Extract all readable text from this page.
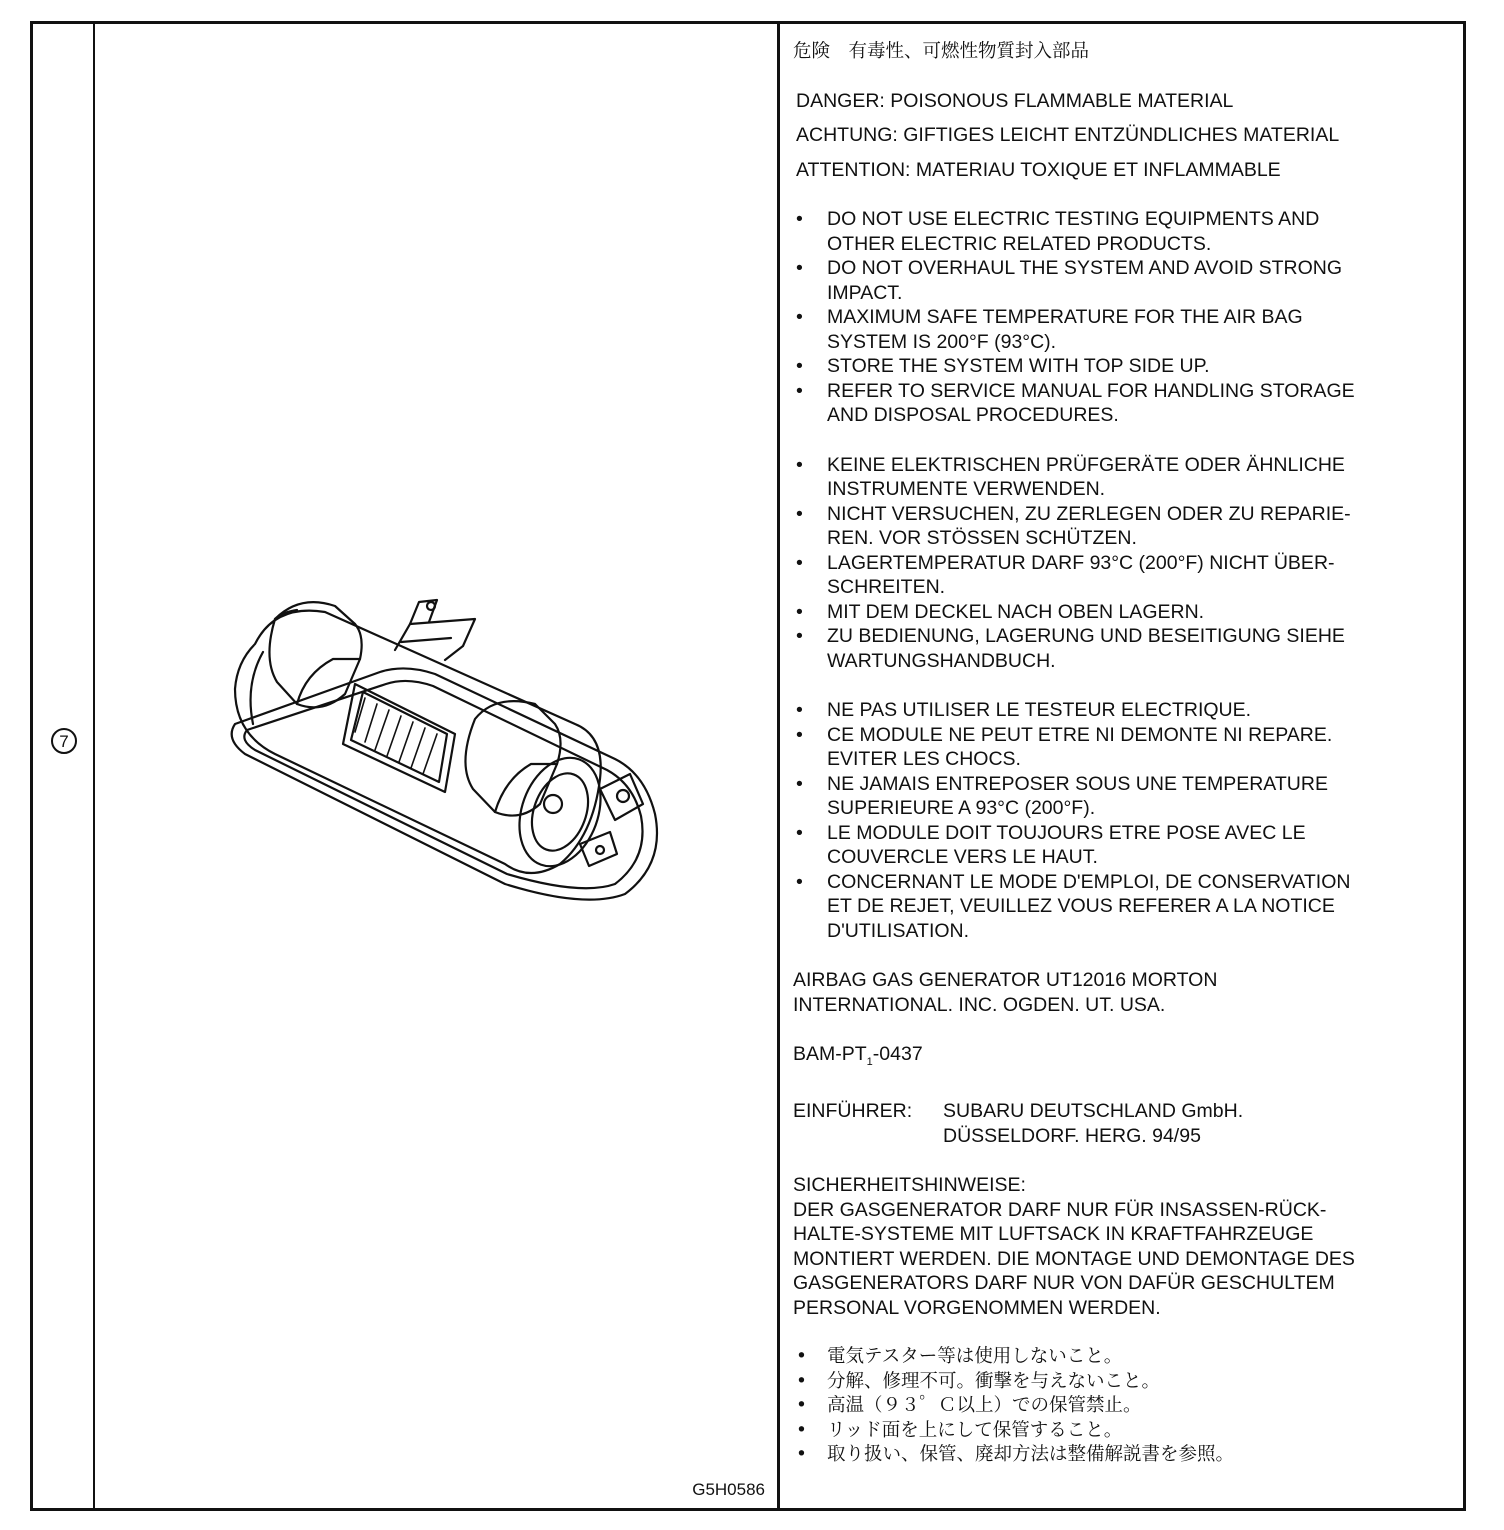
7
G5H0586

危険　有毒性、可燃性物質封入部品

DANGER: POISONOUS FLAMMABLE MATERIAL

ACHTUNG: GIFTIGES LEICHT ENTZÜNDLICHES MATERIAL

ATTENTION: MATERIAU TOXIQUE ET INFLAMMABLE

• DO NOT USE ELECTRIC TESTING EQUIPMENTS AND
OTHER ELECTRIC RELATED PRODUCTS.
• DO NOT OVERHAUL THE SYSTEM AND AVOID STRONG
IMPACT.
• MAXIMUM SAFE TEMPERATURE FOR THE AIR BAG
SYSTEM IS 200°F (93°C).
• STORE THE SYSTEM WITH TOP SIDE UP.
• REFER TO SERVICE MANUAL FOR HANDLING STORAGE
AND DISPOSAL PROCEDURES.
• KEINE ELEKTRISCHEN PRÜFGERÄTE ODER ÄHNLICHE
INSTRUMENTE VERWENDEN.
• NICHT VERSUCHEN, ZU ZERLEGEN ODER ZU REPARIE-
REN. VOR STÖSSEN SCHÜTZEN.
• LAGERTEMPERATUR DARF 93°C (200°F) NICHT ÜBER-
SCHREITEN.
• MIT DEM DECKEL NACH OBEN LAGERN.
• ZU BEDIENUNG, LAGERUNG UND BESEITIGUNG SIEHE
WARTUNGSHANDBUCH.
• NE PAS UTILISER LE TESTEUR ELECTRIQUE.
• CE MODULE NE PEUT ETRE NI DEMONTE NI REPARE.
EVITER LES CHOCS.
• NE JAMAIS ENTREPOSER SOUS UNE TEMPERATURE
SUPERIEURE A 93°C (200°F).
• LE MODULE DOIT TOUJOURS ETRE POSE AVEC LE
COUVERCLE VERS LE HAUT.
• CONCERNANT LE MODE D'EMPLOI, DE CONSERVATION
ET DE REJET, VEUILLEZ VOUS REFERER A LA NOTICE
D'UTILISATION.

AIRBAG GAS GENERATOR UT12016 MORTON
INTERNATIONAL. INC. OGDEN. UT. USA.

BAM-$PT_1-0437$

EINFÜHRER:	SUBARU DEUTSCHLAND GmbH.
DÜSSELDORF. HERG. 94/95

SICHERHEITSHINWEISE:

DER GASGENERATOR DARF NUR FÜR INSASSEN-RÜCK-
HALTE-SYSTEME MIT LUFTSACK IN KRAFTFAHRZEUGE
MONTIERT WERDEN. DIE MONTAGE UND DEMONTAGE DES
GASGENERATORS DARF NUR VON DAFÜR GESCHULTEM
PERSONAL VORGENOMMEN WERDEN.

• 電気テスター等は使用しないこと。
• 分解、修理不可。衝撃を与えないこと。
• 高温（９３゜Ｃ以上）での保管禁止。
• リッド面を上にして保管すること。
• 取り扱い、保管、廃却方法は整備解説書を参照。
